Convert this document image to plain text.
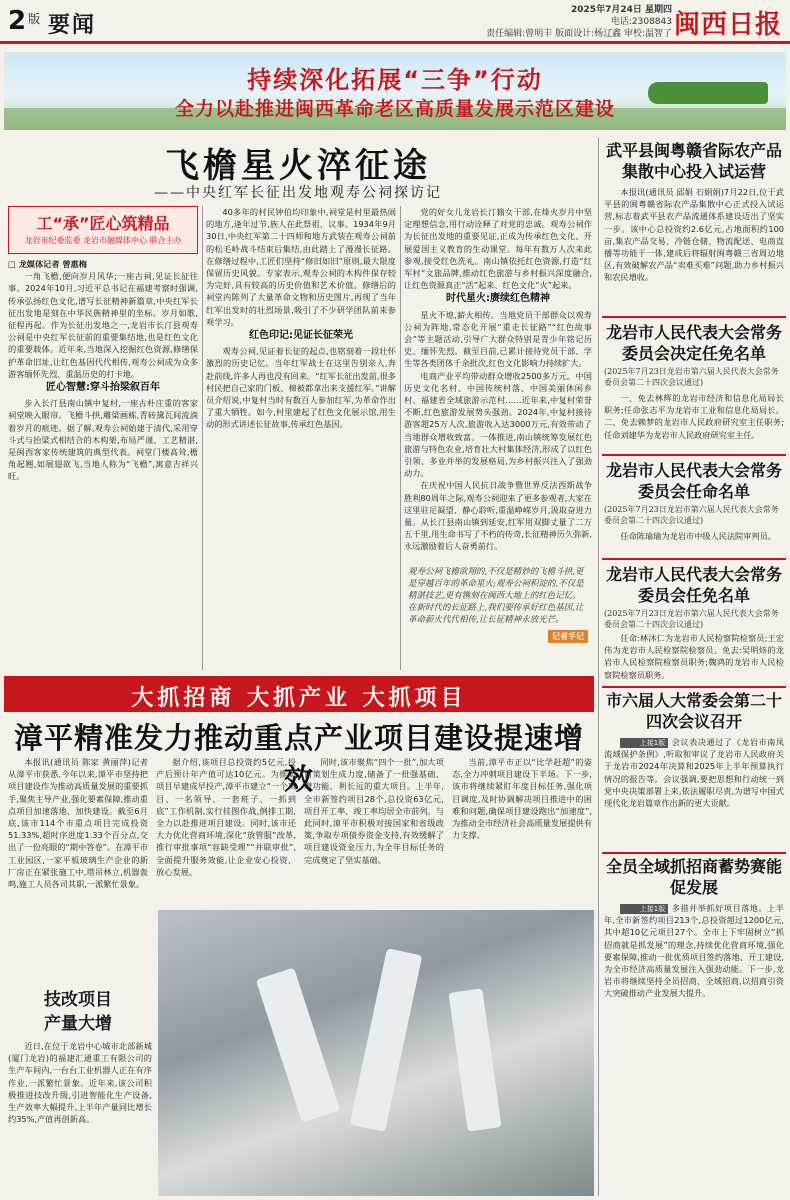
2 $^版$ 要闻
2025年7月24日 星期四
电话:2308843
责任编辑:曾明丰 版面设计:杨辽鑫 审校:温智了 闽西日报
持续深化拓展“三争”行动
全力以赴推进闽西革命老区高质量发展示范区建设
飞檐星火淬征途
——中央红军长征出发地观寿公祠探访记
工“承”匠心筑精品
龙岩市纪委监委 龙岩市融媒体中心 联合主办

□ 龙媒体记者 曾惠梅

一角飞檐,便向岁月风华;一座古祠,见证长征往事。2024年10月,习近平总书记在福建考察时强调,传承弘扬红色文化,谱写长征精神新篇章,中央红军长征出发地是刻在中华民族精神里的坐标。岁月如歌,征程再起。作为长征出发地之一,龙岩市长汀县观寿公祠是中央红军长征前的重要集结地,也是红色文化的重要载体。近年来,当地深入挖掘红色资源,修缮保护革命旧址,让红色基因代代相传,观寿公祠成为众多游客缅怀先烈、重温历史的打卡地。

匠心智慧:穿斗抬梁叙百年

步入长汀县南山镇中复村,一座古朴庄重的客家祠堂映入眼帘。飞檐斗拱,雕梁画栋,青砖黛瓦间流淌着岁月的痕迹。据了解,观寿公祠始建于清代,采用穿斗式与抬梁式相结合的木构架,布局严谨、工艺精湛,是闽西客家传统建筑的典型代表。祠堂门楼高耸,檐角起翘,如展翅欲飞,当地人称为“飞檐”,寓意吉祥兴旺。

40多年的村民钟伯均印象中,祠堂是村里最热闹的地方,逢年过节,族人在此祭祖、议事。1934年9月30日,中央红军第二十四师和地方武装在观寿公祠前的松毛岭战斗结束后集结,由此踏上了漫漫长征路。在修缮过程中,工匠们坚持“修旧如旧”原则,最大限度保留历史风貌。专家表示,观寿公祠的木构件保存较为完好,具有较高的历史价值和艺术价值。修缮后的祠堂内陈列了大量革命文物和历史图片,再现了当年红军出发时的壮烈场景,吸引了不少研学团队前来参观学习。

红色印记:见证长征荣光

观寿公祠,见证着长征的起点,也铭刻着一段壮怀激烈的历史记忆。当年红军战士在这里告别亲人,奔赴前线,许多人再也没有回来。“红军长征出发前,很多村民把自己家的门板、棉被都拿出来支援红军。”讲解员介绍说,中复村当时有数百人参加红军,为革命作出了重大牺牲。如今,村里建起了红色文化展示馆,用生动的形式讲述长征故事,传承红色基因。

党的好女儿龙岩长汀籍女干部,在烽火岁月中坚定理想信念,用行动诠释了对党的忠诚。观寿公祠作为长征出发地的重要见证,正成为传承红色文化、开展爱国主义教育的生动课堂。每年有数万人次来此参观,接受红色洗礼。南山镇依托红色资源,打造“红军村”文旅品牌,推动红色旅游与乡村振兴深度融合,让红色资源真正“活”起来、红色文化“火”起来。

时代星火:赓续红色精神

星火不熄,薪火相传。当地党员干部群众以观寿公祠为阵地,常态化开展“重走长征路”“红色故事会”等主题活动,引导广大群众特别是青少年铭记历史、缅怀先烈。截至目前,已累计接待党员干部、学生等各类团体千余批次,红色文化影响力持续扩大。

电商产业平均带动群众增收2500多万元。中国历史文化名村、中国传统村落、中国美丽休闲乡村、福建省全域旅游示范村……近年来,中复村荣誉不断,红色旅游发展势头强劲。2024年,中复村接待游客超25万人次,旅游收入达3000万元,有效带动了当地群众增收致富。一体推进,南山镇统筹发展红色旅游与特色农业,培育壮大村集体经济,形成了以红色引领、多业并举的发展格局,为乡村振兴注入了强劲动力。

在庆祝中国人民抗日战争暨世界反法西斯战争胜利80周年之际,观寿公祠迎来了更多参观者,大家在这里驻足凝望、静心聆听,重温峥嵘岁月,汲取奋进力量。从长汀县南山镇到延安,红军用双脚丈量了二万五千里,用生命书写了不朽的传奇,长征精神历久弥新,永远激励着后人奋勇前行。

观寿公祠飞檐欲翔的,不仅是精妙的飞檐斗拱,更是穿越百年的革命星火;观寿公祠积淀的,不仅是精湛技艺,更有镌刻在闽西大地上的红色记忆。在新时代的长征路上,我们要传承好红色基因,让革命薪火代代相传,让长征精神永放光芒。
记者手记
大抓招商 大抓产业 大抓项目
漳平精准发力推动重点产业项目建设提速增效

本报讯(通讯员 陈家 黄丽萍)记者从漳平市获悉,今年以来,漳平市坚持把项目建设作为推动高质量发展的重要抓手,聚焦主导产业,强化要素保障,推动重点项目加速落地、加快建设。截至6月底,该市114个市重点项目完成投资51.33%,超时序进度1.33个百分点,交出了一份亮眼的“期中答卷”。在漳平市工业园区,一家平板玻璃生产企业的新厂房正在紧张施工中,塔吊林立,机器轰鸣,施工人员各司其职,一派繁忙景象。

据介绍,该项目总投资约5亿元,投产后预计年产值可达10亿元。为推动项目早建成早投产,漳平市建立“一个项目、一名领导、一套班子、一抓到底”工作机制,实行挂图作战,倒排工期,全力以赴推进项目建设。同时,该市还大力优化营商环境,深化“放管服”改革,推行审批事项“容缺受理”“并联审批”,全面提升服务效能,让企业安心投资、放心发展。

同时,该市聚焦“四个一批”,加大项目策划生成力度,储备了一批强基础、增功能、利长远的重大项目。上半年,全市新签约项目28个,总投资63亿元,项目开工率、竣工率均居全市前列。与此同时,漳平市积极对接国家和省级政策,争取专项债券资金支持,有效缓解了项目建设资金压力,为全年目标任务的完成奠定了坚实基础。

当前,漳平市正以“比学赶超”的姿态,全力冲刺项目建设下半场。下一步,该市将继续紧盯年度目标任务,强化项目调度,及时协调解决项目推进中的困难和问题,确保项目建设跑出“加速度”,为推动全市经济社会高质量发展提供有力支撑。

技改项目
产量大增

近日,在位于龙岩中心城市北部新城(厦门龙岩)的福建汇通重工有限公司的生产车间内,一台台工业机器人正在有序作业,一派繁忙景象。近年来,该公司积极推进技改升级,引进智能化生产设备,生产效率大幅提升,上半年产量同比增长约35%,产值再创新高。

武平县闽粤赣省际农产品集散中心投入试运营

本报讯(通讯员 邱娟 石娟娟)7月22日,位于武平县的闽粤赣省际农产品集散中心正式投入试运营,标志着武平县农产品流通体系建设迈出了坚实一步。该中心总投资约2.6亿元,占地面积约100亩,集农产品交易、冷链仓储、物流配送、电商直播等功能于一体,建成后将辐射闽粤赣三省周边地区,有效破解农产品“卖难买难”问题,助力乡村振兴和农民增收。

龙岩市人民代表大会常务委员会决定任免名单
(2025年7月23日龙岩市第六届人民代表大会常务委员会第二十四次会议通过)

一、免去林辉的龙岩市经济和信息化局局长职务;任命张志平为龙岩市工业和信息化局局长。二、免去赖梦的龙岩市人民政府研究室主任职务;任命刘建华为龙岩市人民政府研究室主任。

龙岩市人民代表大会常务委员会任命名单
(2025年7月23日龙岩市第六届人民代表大会常务委员会第二十四次会议通过)

任命陈瑜瑜为龙岩市中级人民法院审判员。

龙岩市人民代表大会常务委员会任免名单
(2025年7月23日龙岩市第六届人民代表大会常务委员会第二十四次会议通过)

任命:林沐仁为龙岩市人民检察院检察员;王宏伟为龙岩市人民检察院检察员。免去:吴明炜的龙岩市人民检察院检察员职务;魏鸿的龙岩市人民检察院检察员职务。

市六届人大常委会第二十四次会议召开

上接1版 会议表决通过了《龙岩市南凤流域保护条例》,听取和审议了龙岩市人民政府关于龙岩市2024年决算和2025年上半年预算执行情况的报告等。会议强调,要把思想和行动统一到党中央决策部署上来,依法履职尽责,为谱写中国式现代化龙岩篇章作出新的更大贡献。

全员全域抓招商蓄势赛能促发展

上接1版 多措并举抓好项目落地。上半年,全市新签约项目213个,总投资超过1200亿元,其中超10亿元项目27个。全市上下牢固树立“抓招商就是抓发展”的理念,持续优化营商环境,强化要素保障,推动一批优质项目签约落地、开工建设,为全市经济高质量发展注入强劲动能。下一步,龙岩市将继续坚持全员招商、全域招商,以招商引资大突破推动产业发展大提升。
